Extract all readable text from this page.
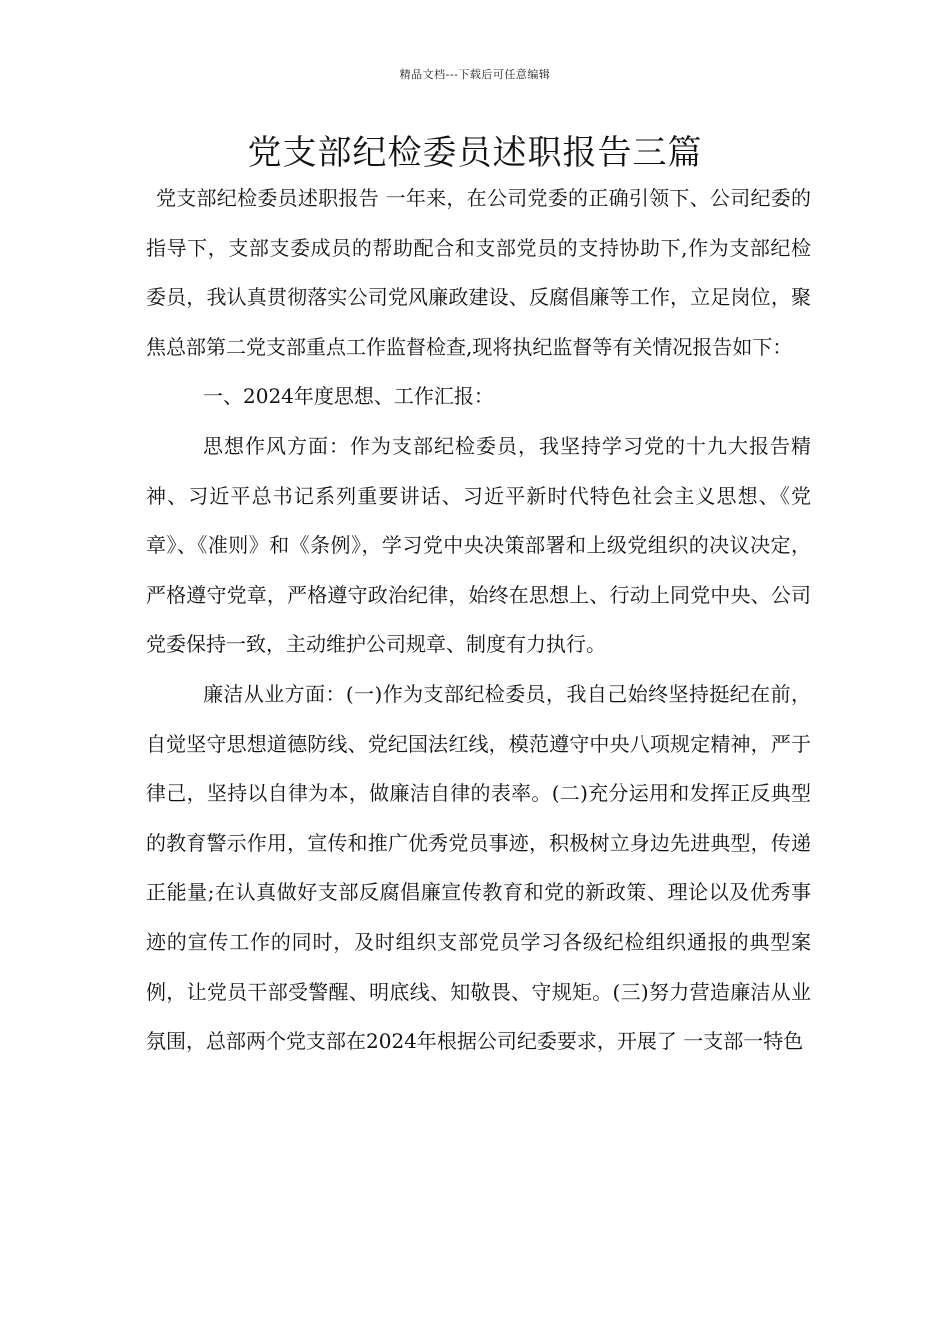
精品文档---下载后可任意编辑
党支部纪检委员述职报告三篇

党支部纪检委员述职报告 一年来，在公司党委的正确引领下、公司纪委的指导下，支部支委成员的帮助配合和支部党员的支持协助下,作为支部纪检委员，我认真贯彻落实公司党风廉政建设、反腐倡廉等工作，立足岗位，聚焦总部第二党支部重点工作监督检查,现将执纪监督等有关情况报告如下：

一、2024年度思想、工作汇报：

思想作风方面：作为支部纪检委员，我坚持学习党的十九大报告精神、习近平总书记系列重要讲话、习近平新时代特色社会主义思想、《党章》、《准则》和《条例》，学习党中央决策部署和上级党组织的决议决定，严格遵守党章，严格遵守政治纪律，始终在思想上、行动上同党中央、公司党委保持一致，主动维护公司规章、制度有力执行。

廉洁从业方面：(一)作为支部纪检委员，我自己始终坚持挺纪在前，自觉坚守思想道德防线、党纪国法红线，模范遵守中央八项规定精神，严于律己，坚持以自律为本，做廉洁自律的表率。(二)充分运用和发挥正反典型的教育警示作用，宣传和推广优秀党员事迹，积极树立身边先进典型，传递正能量;在认真做好支部反腐倡廉宣传教育和党的新政策、理论以及优秀事迹的宣传工作的同时，及时组织支部党员学习各级纪检组织通报的典型案例，让党员干部受警醒、明底线、知敬畏、守规矩。(三)努力营造廉洁从业氛围，总部两个党支部在2024年根据公司纪委要求，开展了 一支部一特色
